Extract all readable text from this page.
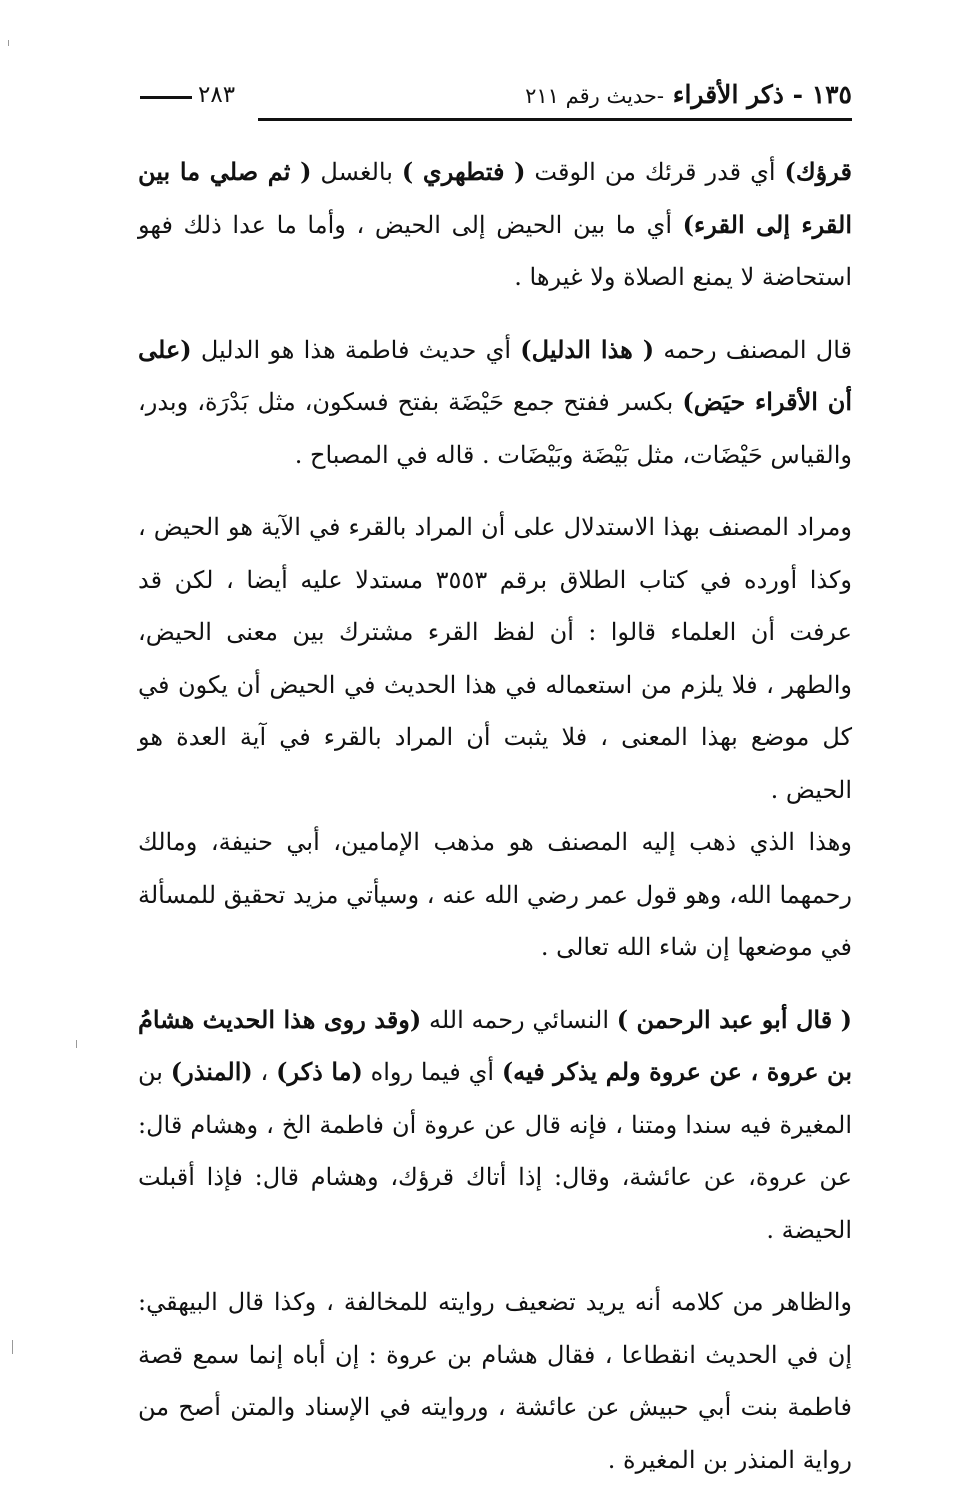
١٣٥ - ذكر الأقراء -حديث رقم ٢١١
٢٨٣

قرؤك) أي قدر قرئك من الوقت ( فتطهري ) بالغسل ( ثم صلي ما بين القرء إلى القرء) أي ما بين الحيض إلى الحيض ، وأما ما عدا ذلك فهو استحاضة لا يمنع الصلاة ولا غيرها .

قال المصنف رحمه ( هذا الدليل) أي حديث فاطمة هذا هو الدليل (على أن الأقراء حيَض) بكسر ففتح جمع حَيْضَة بفتح فسكون، مثل بَدْرَة، وبدر، والقياس حَيْضَات، مثل بَيْضَة وبَيْضَات . قاله في المصباح .

ومراد المصنف بهذا الاستدلال على أن المراد بالقرء في الآية هو الحيض ، وكذا أورده في كتاب الطلاق برقم ٣٥٥٣ مستدلا عليه أيضا ، لكن قد عرفت أن العلماء قالوا : أن لفظ القرء مشترك بين معنى الحيض، والطهر ، فلا يلزم من استعماله في هذا الحديث في الحيض أن يكون في كل موضع بهذا المعنى ، فلا يثبت أن المراد بالقرء في آية العدة هو الحيض .

وهذا الذي ذهب إليه المصنف هو مذهب الإمامين، أبي حنيفة، ومالك رحمهما الله، وهو قول عمر رضي الله عنه ، وسيأتي مزيد تحقيق للمسألة في موضعها إن شاء الله تعالى .

( قال أبو عبد الرحمن ) النسائي رحمه الله (وقد روى هذا الحديث هشامُ بن عروة ، عن عروة ولم يذكر فيه) أي فيما رواه (ما ذكر) ، (المنذر) بن المغيرة فيه سندا ومتنا ، فإنه قال عن عروة أن فاطمة الخ ، وهشام قال: عن عروة، عن عائشة، وقال: إذا أتاك قرؤك، وهشام قال: فإذا أقبلت الحيضة .

والظاهر من كلامه أنه يريد تضعيف روايته للمخالفة ، وكذا قال البيهقي: إن في الحديث انقطاعا ، فقال هشام بن عروة : إن أباه إنما سمع قصة فاطمة بنت أبي حبيش عن عائشة ، وروايته في الإسناد والمتن أصح من رواية المنذر بن المغيرة .
